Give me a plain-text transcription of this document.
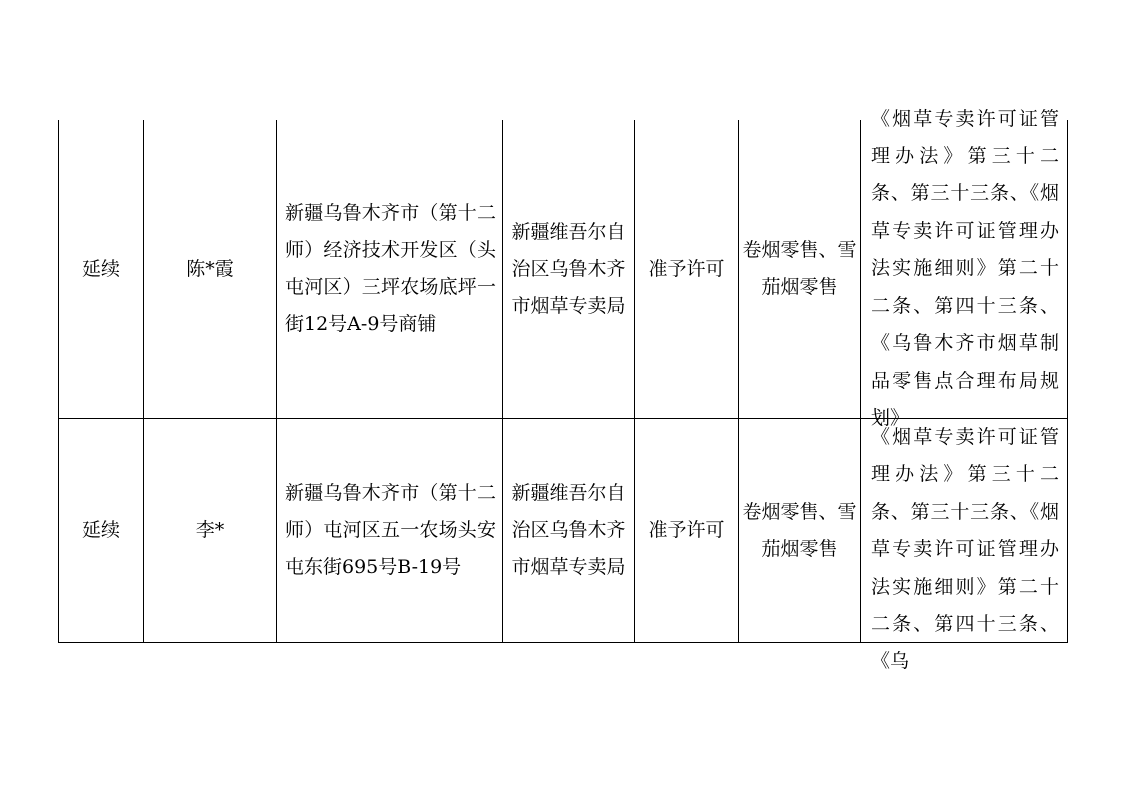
延续	陈*霞	新疆乌鲁木齐市（第十二师）经济技术开发区（头屯河区）三坪农场底坪一街12号A-9号商铺	新疆维吾尔自治区乌鲁木齐市烟草专卖局	准予许可	卷烟零售、雪茄烟零售	《烟草专卖许可证管理办法》第三十二条、第三十三条、《烟草专卖许可证管理办法实施细则》第二十二条、第四十三条、《乌鲁木齐市烟草制品零售点合理布局规划》

延续	李*	新疆乌鲁木齐市（第十二师）屯河区五一农场头安屯东街695号B-19号	新疆维吾尔自治区乌鲁木齐市烟草专卖局	准予许可	卷烟零售、雪茄烟零售	《烟草专卖许可证管理办法》第三十二条、第三十三条、《烟草专卖许可证管理办法实施细则》第二十二条、第四十三条、《乌
